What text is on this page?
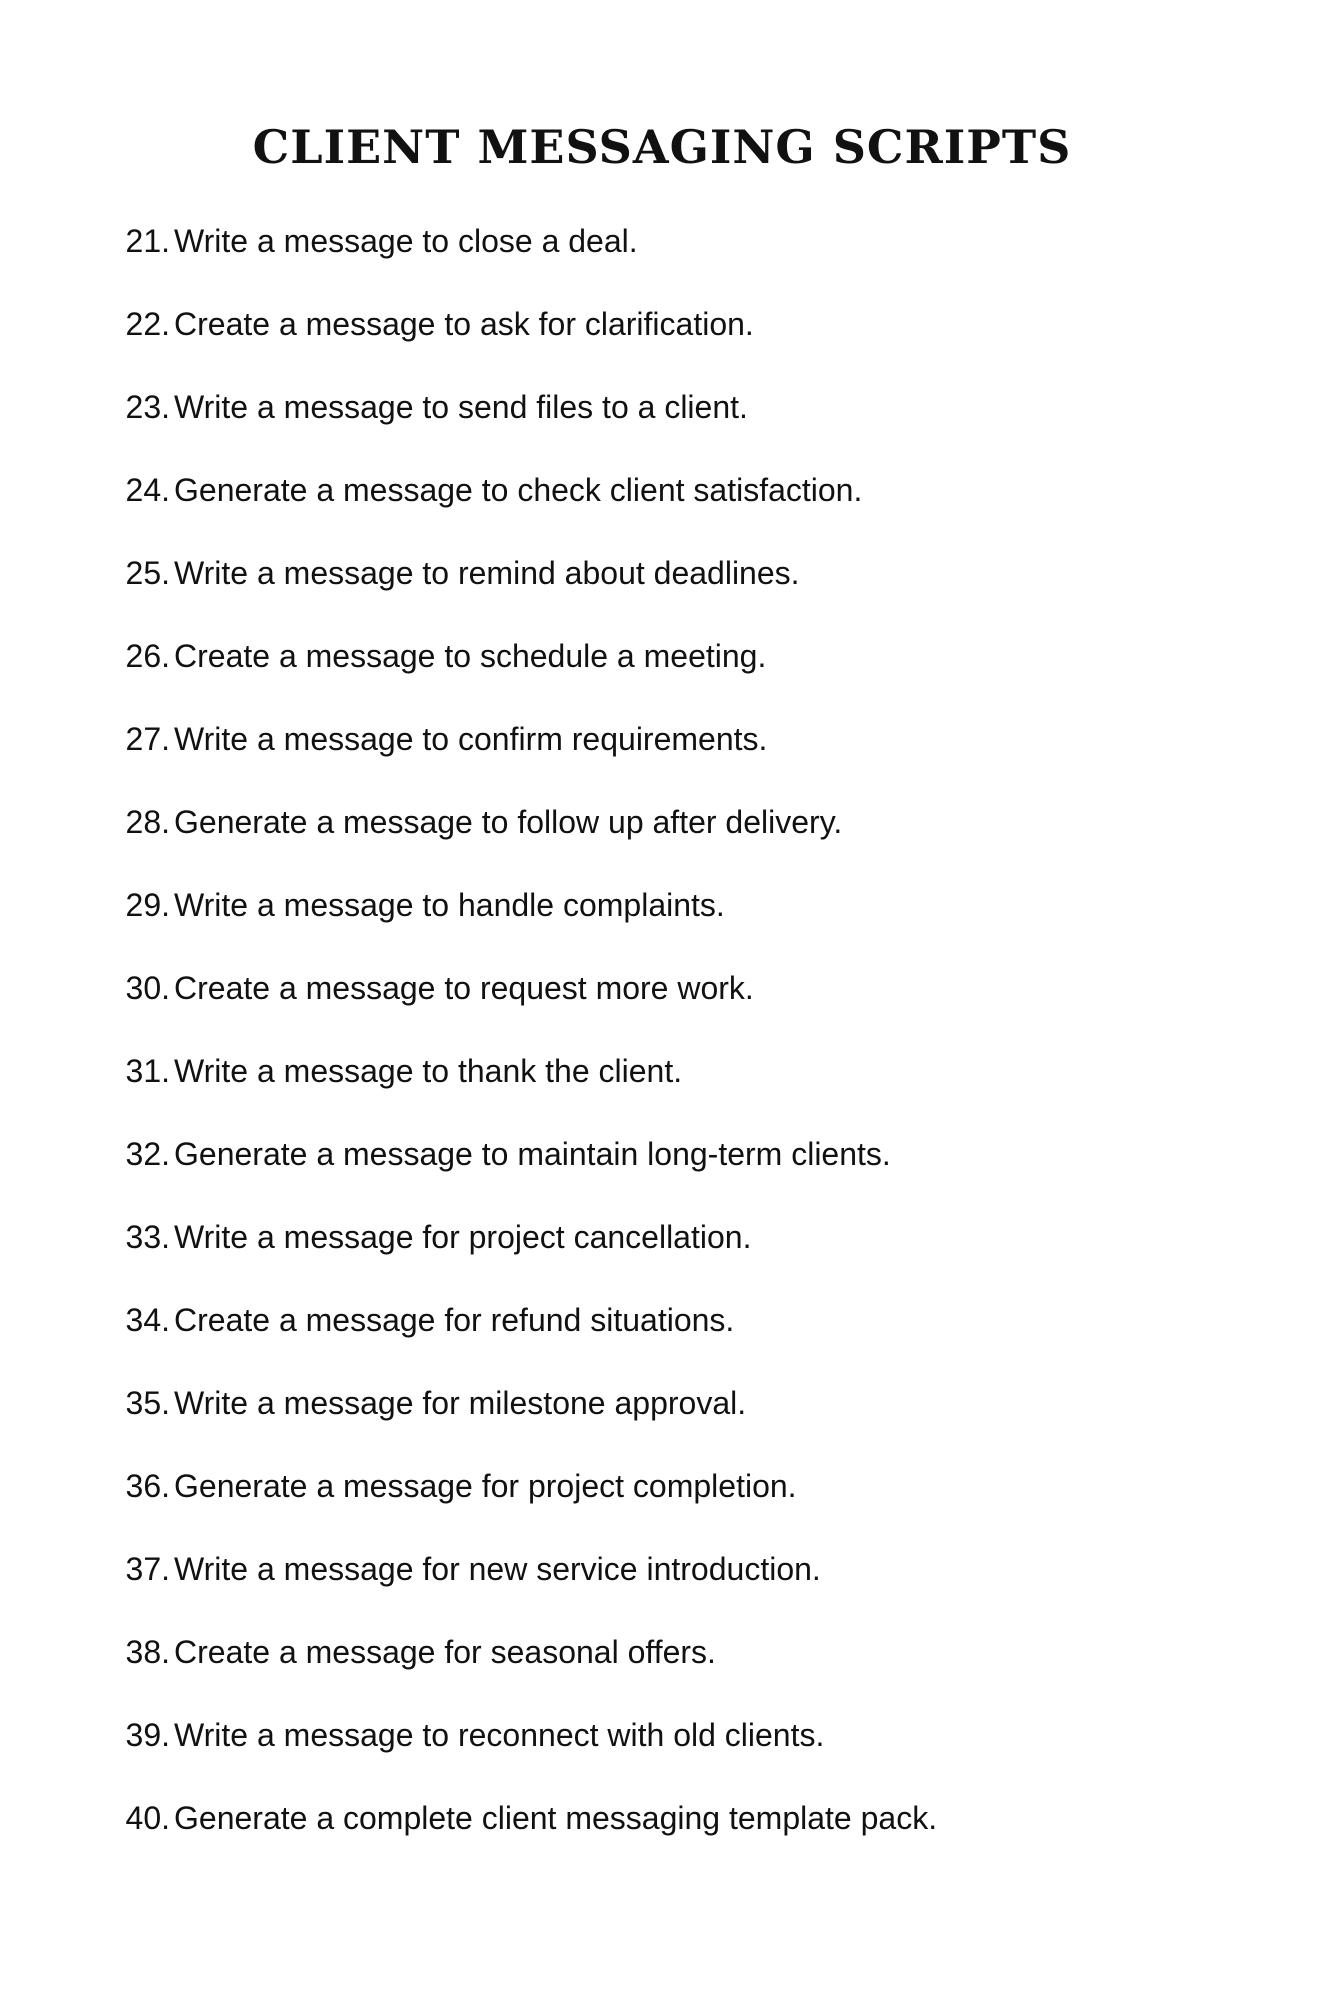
CLIENT MESSAGING SCRIPTS
21. Write a message to close a deal.
22. Create a message to ask for clarification.
23. Write a message to send files to a client.
24. Generate a message to check client satisfaction.
25. Write a message to remind about deadlines.
26. Create a message to schedule a meeting.
27. Write a message to confirm requirements.
28. Generate a message to follow up after delivery.
29. Write a message to handle complaints.
30. Create a message to request more work.
31. Write a message to thank the client.
32. Generate a message to maintain long-term clients.
33. Write a message for project cancellation.
34. Create a message for refund situations.
35. Write a message for milestone approval.
36. Generate a message for project completion.
37. Write a message for new service introduction.
38. Create a message for seasonal offers.
39. Write a message to reconnect with old clients.
40. Generate a complete client messaging template pack.
